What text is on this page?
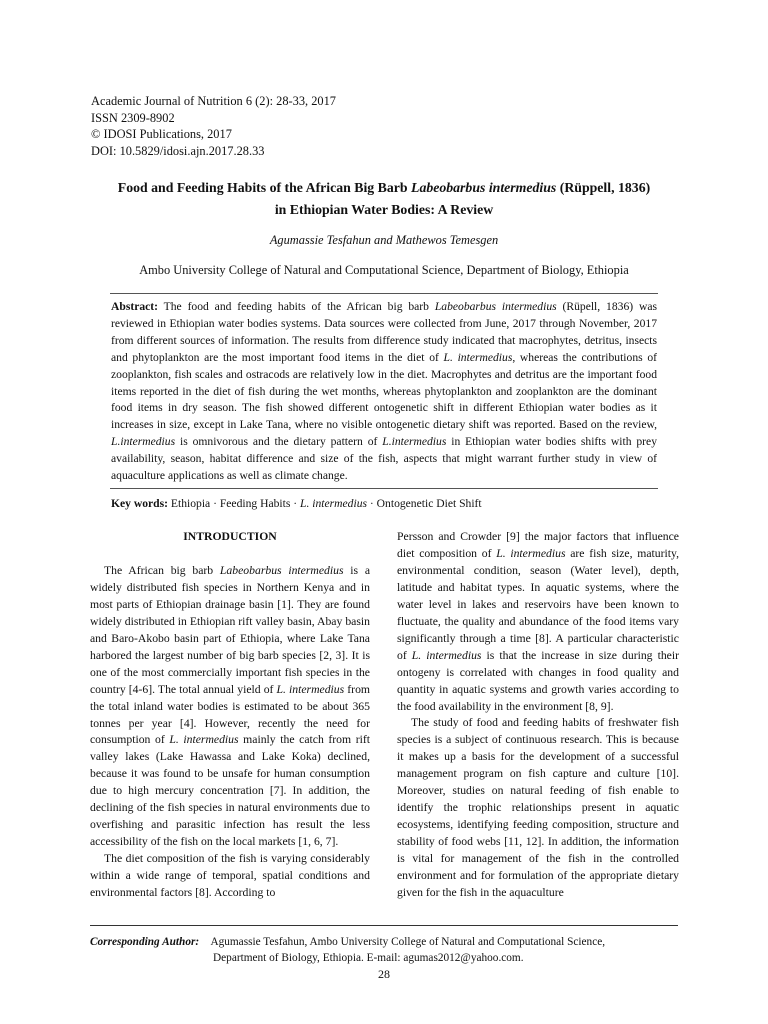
Academic Journal of Nutrition 6 (2): 28-33, 2017
ISSN 2309-8902
© IDOSI Publications, 2017
DOI: 10.5829/idosi.ajn.2017.28.33
Food and Feeding Habits of the African Big Barb Labeobarbus intermedius (Rüppell, 1836)
in Ethiopian Water Bodies: A Review
Agumassie Tesfahun and Mathewos Temesgen
Ambo University College of Natural and Computational Science, Department of Biology, Ethiopia
Abstract: The food and feeding habits of the African big barb Labeobarbus intermedius (Rüpell, 1836) was reviewed in Ethiopian water bodies systems. Data sources were collected from June, 2017 through November, 2017 from different sources of information. The results from difference study indicated that macrophytes, detritus, insects and phytoplankton are the most important food items in the diet of L. intermedius, whereas the contributions of zooplankton, fish scales and ostracods are relatively low in the diet. Macrophytes and detritus are the important food items reported in the diet of fish during the wet months, whereas phytoplankton and zooplankton are the dominant food items in dry season. The fish showed different ontogenetic shift in different Ethiopian water bodies as it increases in size, except in Lake Tana, where no visible ontogenetic dietary shift was reported. Based on the review, L.intermedius is omnivorous and the dietary pattern of L.intermedius in Ethiopian water bodies shifts with prey availability, season, habitat difference and size of the fish, aspects that might warrant further study in view of aquaculture applications as well as climate change.
Key words: Ethiopia · Feeding Habits · L. intermedius · Ontogenetic Diet Shift

INTRODUCTION

The African big barb Labeobarbus intermedius is a widely distributed fish species in Northern Kenya and in most parts of Ethiopian drainage basin [1]. They are found widely distributed in Ethiopian rift valley basin, Abay basin and Baro-Akobo basin part of Ethiopia, where Lake Tana harbored the largest number of big barb species [2, 3]. It is one of the most commercially important fish species in the country [4-6]. The total annual yield of L. intermedius from the total inland water bodies is estimated to be about 365 tonnes per year [4]. However, recently the need for consumption of L. intermedius mainly the catch from rift valley lakes (Lake Hawassa and Lake Koka) declined, because it was found to be unsafe for human consumption due to high mercury concentration [7]. In addition, the declining of the fish species in natural environments due to overfishing and parasitic infection has result the less accessibility of the fish on the local markets [1, 6, 7].

The diet composition of the fish is varying considerably within a wide range of temporal, spatial conditions and environmental factors [8]. According to

Persson and Crowder [9] the major factors that influence diet composition of L. intermedius are fish size, maturity, environmental condition, season (Water level), depth, latitude and habitat types. In aquatic systems, where the water level in lakes and reservoirs have been known to fluctuate, the quality and abundance of the food items vary significantly through a time [8]. A particular characteristic of L. intermedius is that the increase in size during their ontogeny is correlated with changes in food quality and quantity in aquatic systems and growth varies according to the food availability in the environment [8, 9].

The study of food and feeding habits of freshwater fish species is a subject of continuous research. This is because it makes up a basis for the development of a successful management program on fish capture and culture [10]. Moreover, studies on natural feeding of fish enable to identify the trophic relationships present in aquatic ecosystems, identifying feeding composition, structure and stability of food webs [11, 12]. In addition, the information is vital for management of the fish in the controlled environment and for formulation of the appropriate dietary given for the fish in the aquaculture

Corresponding Author: Agumassie Tesfahun, Ambo University College of Natural and Computational Science,
Department of Biology, Ethiopia. E-mail: agumas2012@yahoo.com.
28
